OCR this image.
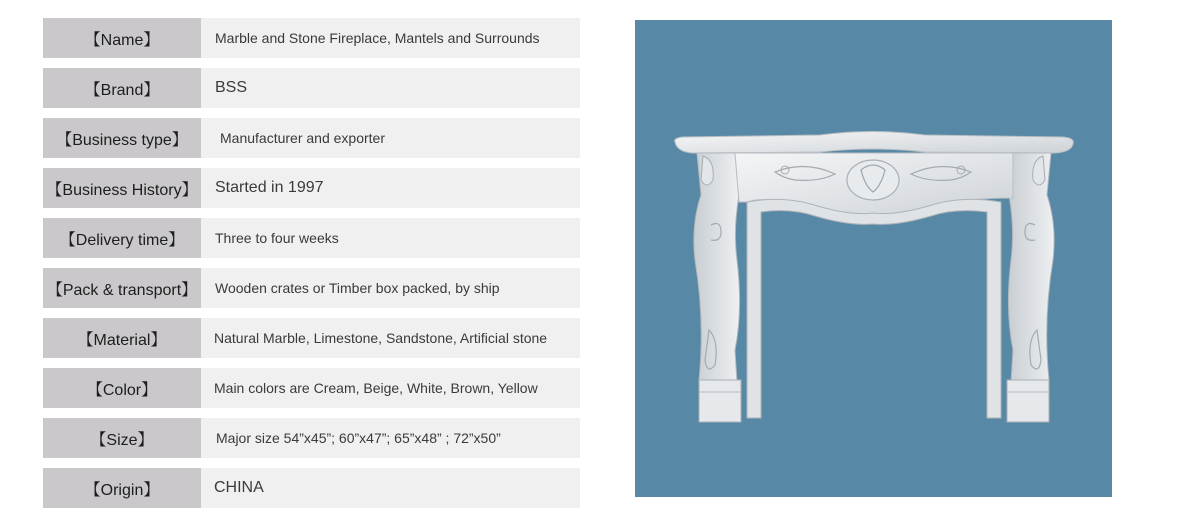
【Name】	Marble and Stone Fireplace, Mantels and Surrounds
【Brand】	BSS
【Business type】	Manufacturer and exporter
【Business History】	Started in 1997
【Delivery time】	Three to four weeks
【Pack & transport】	Wooden crates or Timber box packed, by ship
【Material】	Natural Marble, Limestone, Sandstone, Artificial stone
【Color】	Main colors are Cream, Beige, White, Brown, Yellow
【Size】	Major size 54”x45”; 60”x47”; 65”x48” ; 72”x50”
【Origin】	CHINA
